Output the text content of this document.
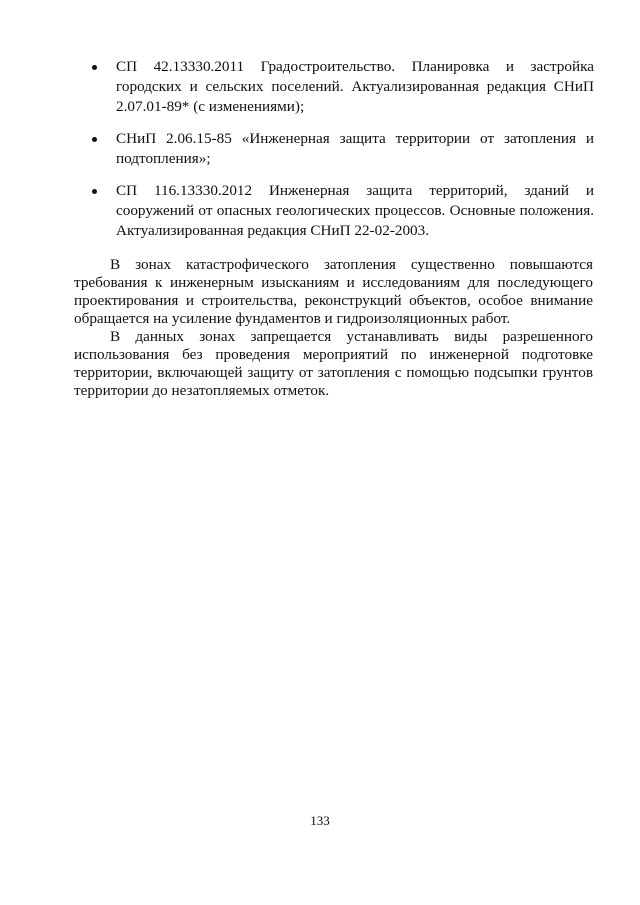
СП 42.13330.2011 Градостроительство. Планировка и застройка городских и сельских поселений. Актуализированная редакция СНиП 2.07.01-89* (с изменениями);
СНиП 2.06.15-85 «Инженерная защита территории от затопления и подтопления»;
СП 116.13330.2012 Инженерная защита территорий, зданий и сооружений от опасных геологических процессов. Основные положения. Актуализированная редакция СНиП 22-02-2003.

В зонах катастрофического затопления существенно повышаются требования к инженерным изысканиям и исследованиям для последующего проектирования и строительства, реконструкций объектов, особое внимание обращается на усиление фундаментов и гидроизоляционных работ.

В данных зонах запрещается устанавливать виды разрешенного использования без проведения мероприятий по инженерной подготовке территории, включающей защиту от затопления с помощью подсыпки грунтов территории до незатопляемых отметок.

133
